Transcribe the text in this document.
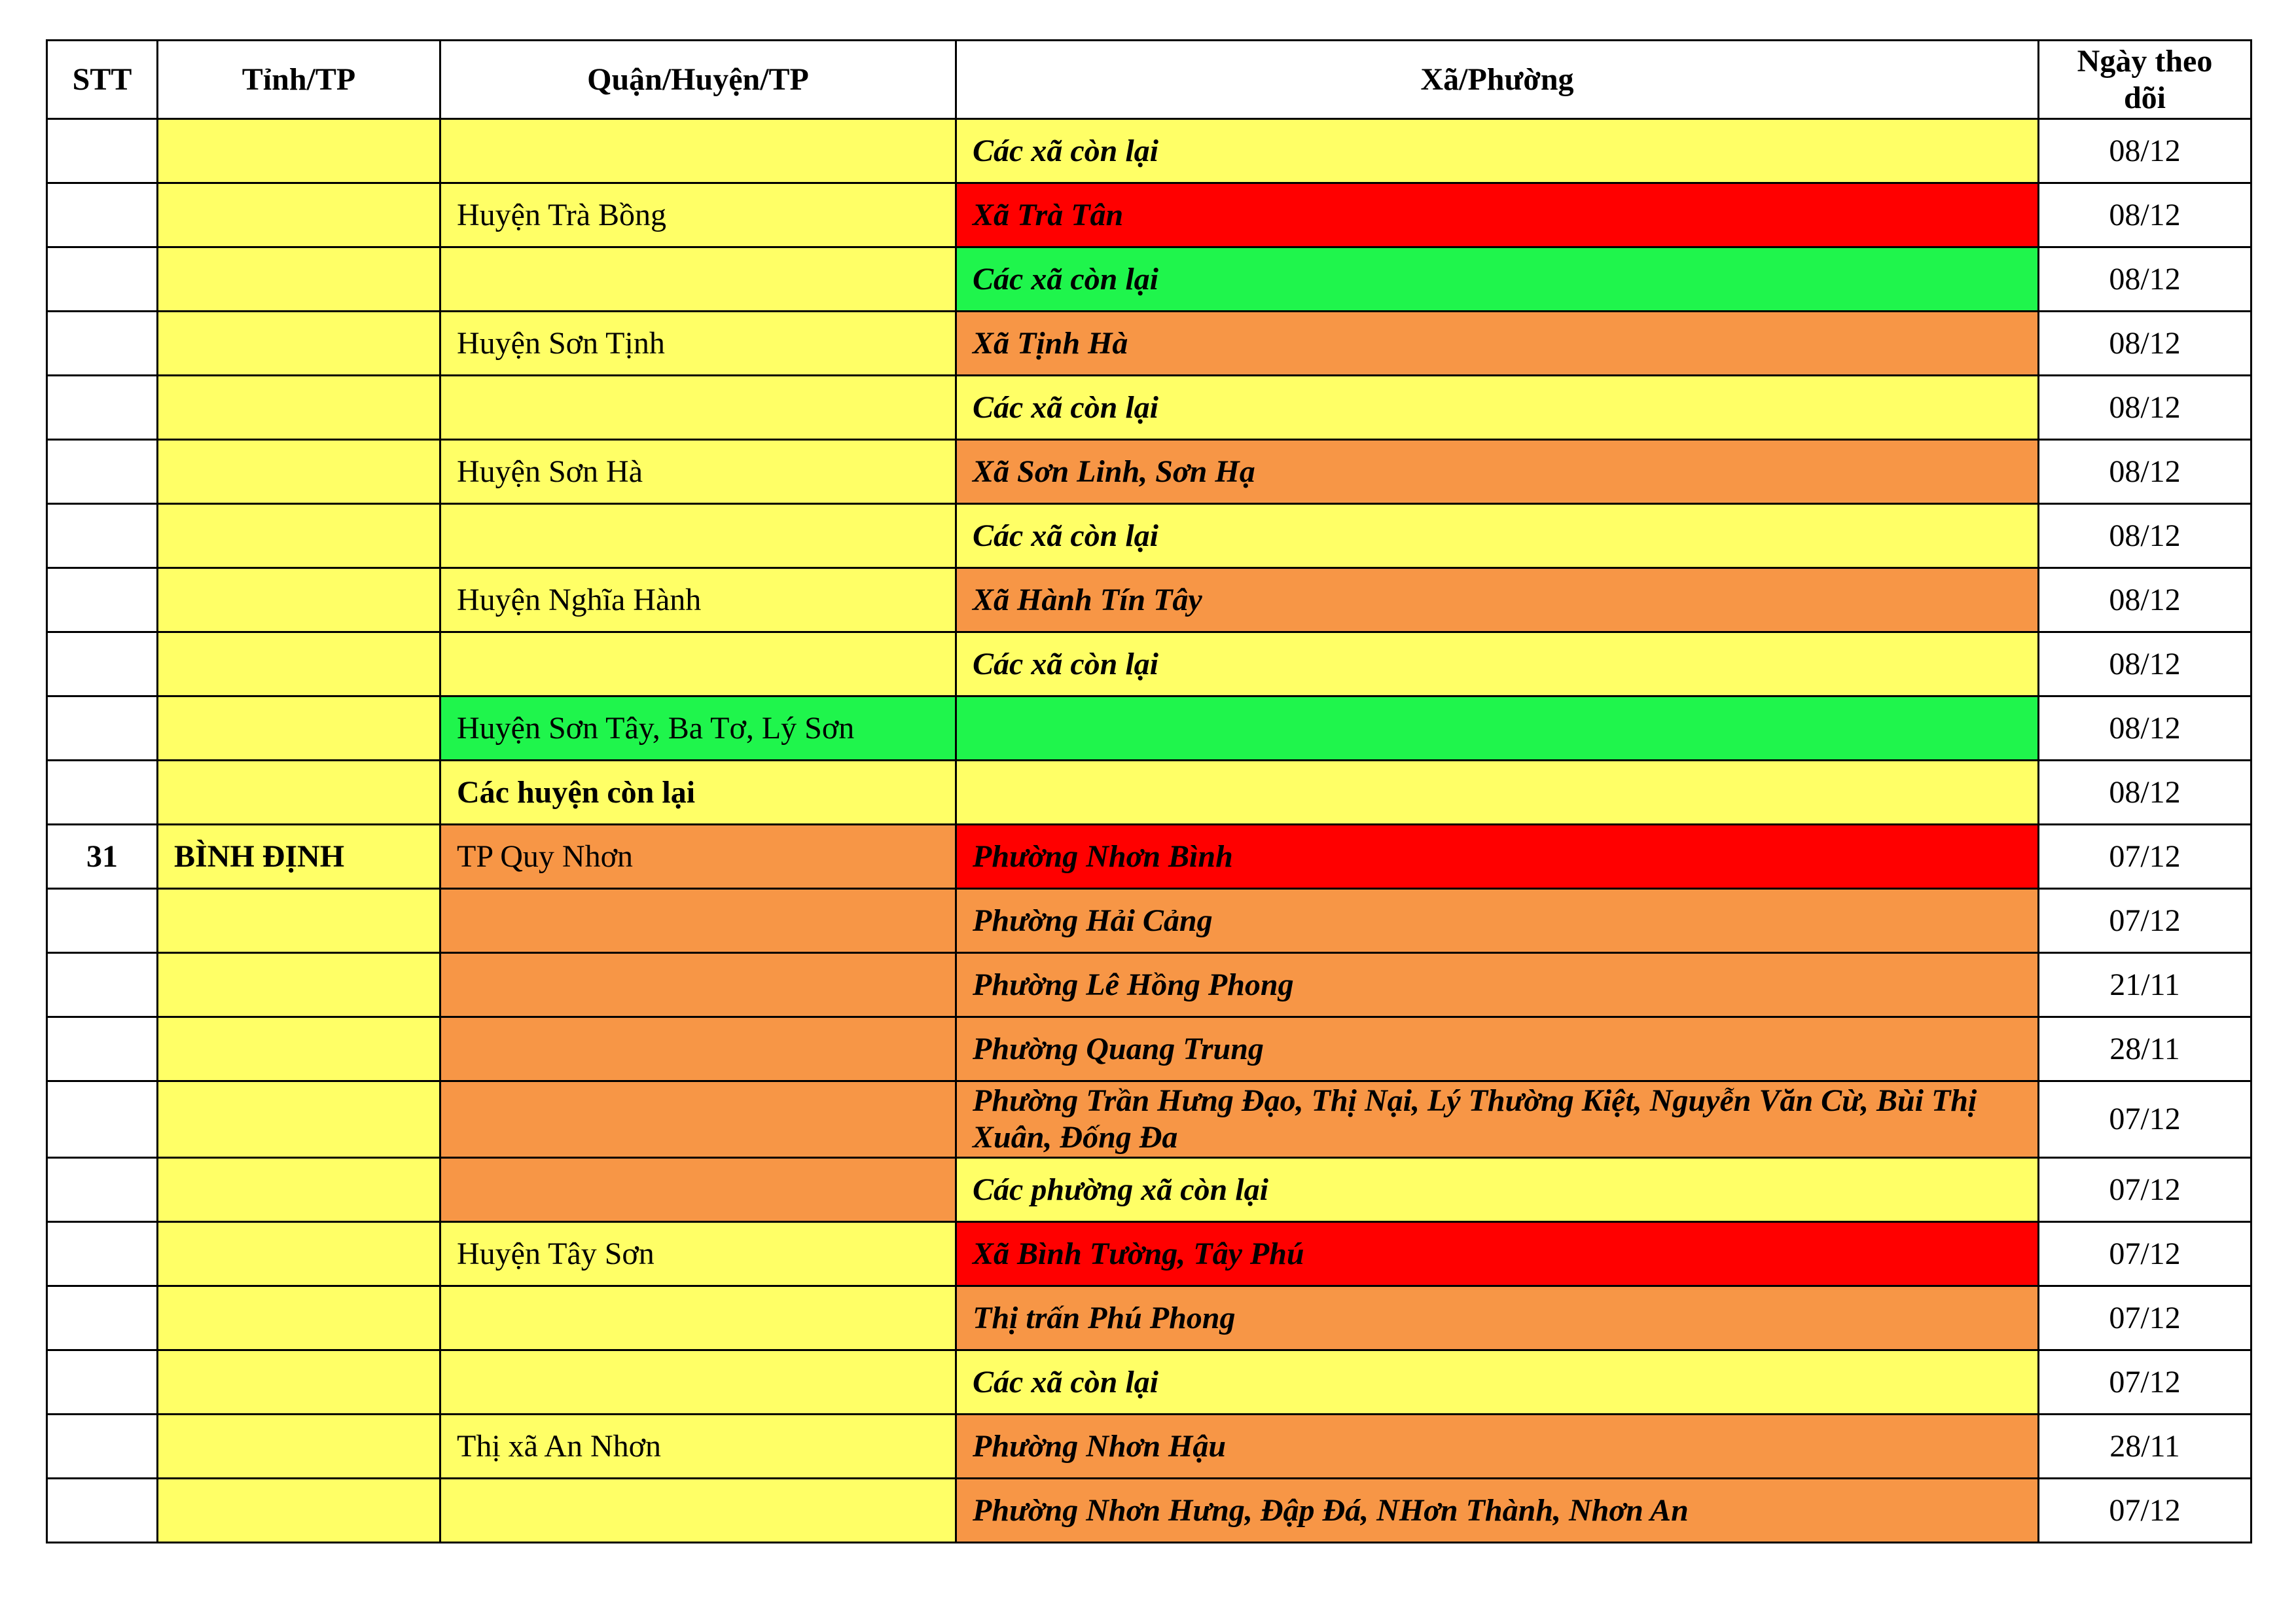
STT	Tỉnh/TP	Quận/Huyện/TP	Xã/Phường	Ngày theo dõi
			Các xã còn lại	08/12
		Huyện Trà Bồng	Xã Trà Tân	08/12
			Các xã còn lại	08/12
		Huyện Sơn Tịnh	Xã Tịnh Hà	08/12
			Các xã còn lại	08/12
		Huyện Sơn Hà	Xã Sơn Linh, Sơn Hạ	08/12
			Các xã còn lại	08/12
		Huyện Nghĩa Hành	Xã Hành Tín Tây	08/12
			Các xã còn lại	08/12
		Huyện Sơn Tây, Ba Tơ, Lý Sơn		08/12
		Các huyện còn lại		08/12
31	BÌNH ĐỊNH	TP Quy Nhơn	Phường Nhơn Bình	07/12
			Phường Hải Cảng	07/12
			Phường Lê Hồng Phong	21/11
			Phường Quang Trung	28/11
			Phường Trần Hưng Đạo, Thị Nại, Lý Thường Kiệt, Nguyễn Văn Cừ, Bùi Thị Xuân, Đống Đa	07/12
			Các phường xã còn lại	07/12
		Huyện Tây Sơn	Xã Bình Tường, Tây Phú	07/12
			Thị trấn Phú Phong	07/12
			Các xã còn lại	07/12
		Thị xã An Nhơn	Phường Nhơn Hậu	28/11
			Phường Nhơn Hưng, Đập Đá, NHơn Thành, Nhơn An	07/12
